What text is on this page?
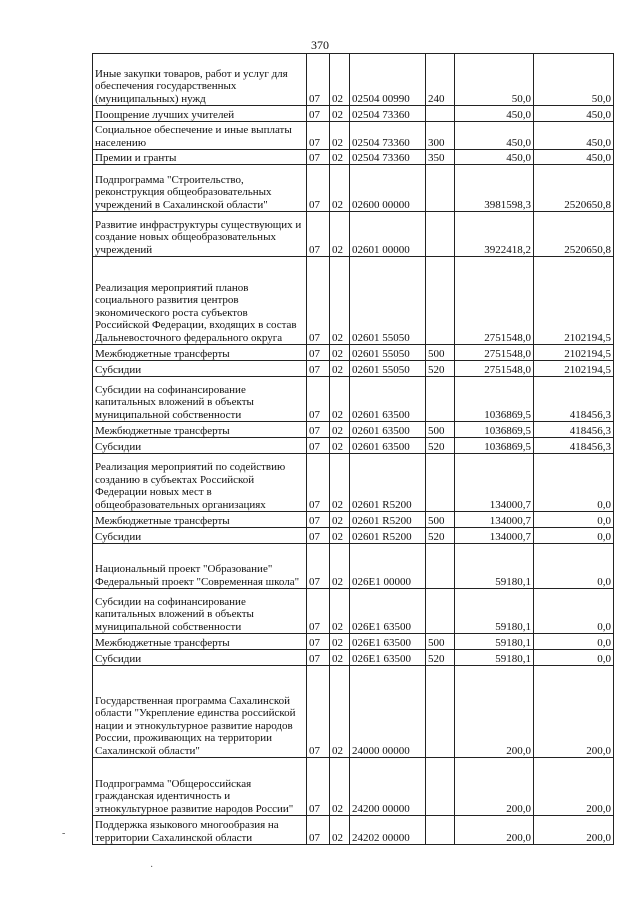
370
Иные закупки товаров, работ и услуг для обеспечения государственных (муниципальных) нужд	07	02	02504 00990	240	50,0	50,0
Поощрение лучших учителей	07	02	02504 73360		450,0	450,0
Социальное обеспечение и иные выплаты населению	07	02	02504 73360	300	450,0	450,0
Премии и гранты	07	02	02504 73360	350	450,0	450,0
Подпрограмма "Строительство, реконструкция общеобразовательных учреждений в Сахалинской области"	07	02	02600 00000		3981598,3	2520650,8
Развитие инфраструктуры существующих и создание новых общеобразовательных учреждений	07	02	02601 00000		3922418,2	2520650,8
Реализация мероприятий планов социального развития центров экономического роста субъектов Российской Федерации, входящих в состав Дальневосточного федерального округа	07	02	02601 55050		2751548,0	2102194,5
Межбюджетные трансферты	07	02	02601 55050	500	2751548,0	2102194,5
Субсидии	07	02	02601 55050	520	2751548,0	2102194,5
Субсидии на софинансирование капитальных вложений в объекты муниципальной собственности	07	02	02601 63500		1036869,5	418456,3
Межбюджетные трансферты	07	02	02601 63500	500	1036869,5	418456,3
Субсидии	07	02	02601 63500	520	1036869,5	418456,3
Реализация мероприятий по содействию созданию в субъектах Российской Федерации новых мест в общеобразовательных организациях	07	02	02601 R5200		134000,7	0,0
Межбюджетные трансферты	07	02	02601 R5200	500	134000,7	0,0
Субсидии	07	02	02601 R5200	520	134000,7	0,0
Национальный проект "Образование" Федеральный проект "Современная школа"	07	02	026E1 00000		59180,1	0,0
Субсидии на софинансирование капитальных вложений в объекты муниципальной собственности	07	02	026E1 63500		59180,1	0,0
Межбюджетные трансферты	07	02	026E1 63500	500	59180,1	0,0
Субсидии	07	02	026E1 63500	520	59180,1	0,0
Государственная программа Сахалинской области "Укрепление единства российской нации и этнокультурное развитие народов России, проживающих на территории Сахалинской области"	07	02	24000 00000		200,0	200,0
Подпрограмма "Общероссийская гражданская идентичность и этнокультурное развитие народов России"	07	02	24200 00000		200,0	200,0
Поддержка языкового многообразия на территории Сахалинской области	07	02	24202 00000		200,0	200,0
-
·
